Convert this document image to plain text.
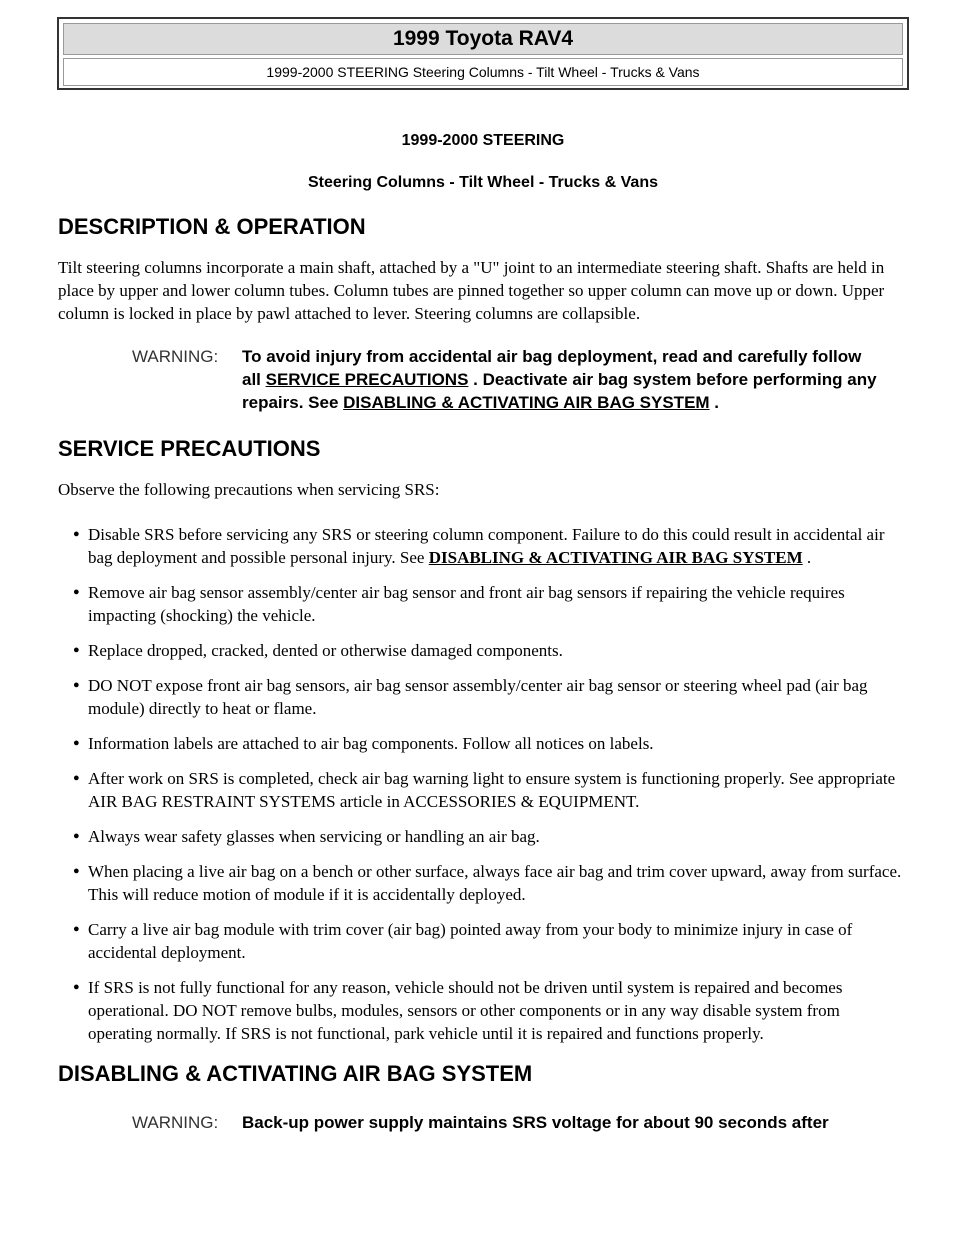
1999 Toyota RAV4
1999-2000 STEERING Steering Columns - Tilt Wheel - Trucks & Vans

1999-2000 STEERING

Steering Columns - Tilt Wheel - Trucks & Vans

DESCRIPTION & OPERATION

Tilt steering columns incorporate a main shaft, attached by a "U" joint to an intermediate steering shaft. Shafts are held in place by upper and lower column tubes. Column tubes are pinned together so upper column can move up or down. Upper column is locked in place by pawl attached to lever. Steering columns are collapsible.

WARNING:	To avoid injury from accidental air bag deployment, read and carefully follow all SERVICE PRECAUTIONS . Deactivate air bag system before performing any repairs. See DISABLING & ACTIVATING AIR BAG SYSTEM .
SERVICE PRECAUTIONS

Observe the following precautions when servicing SRS:

● Disable SRS before servicing any SRS or steering column component. Failure to do this could result in accidental air bag deployment and possible personal injury. See DISABLING & ACTIVATING AIR BAG SYSTEM .
● Remove air bag sensor assembly/center air bag sensor and front air bag sensors if repairing the vehicle requires impacting (shocking) the vehicle.
● Replace dropped, cracked, dented or otherwise damaged components.
● DO NOT expose front air bag sensors, air bag sensor assembly/center air bag sensor or steering wheel pad (air bag module) directly to heat or flame.
● Information labels are attached to air bag components. Follow all notices on labels.
● After work on SRS is completed, check air bag warning light to ensure system is functioning properly. See appropriate AIR BAG RESTRAINT SYSTEMS article in ACCESSORIES & EQUIPMENT.
● Always wear safety glasses when servicing or handling an air bag.
● When placing a live air bag on a bench or other surface, always face air bag and trim cover upward, away from surface. This will reduce motion of module if it is accidentally deployed.
● Carry a live air bag module with trim cover (air bag) pointed away from your body to minimize injury in case of accidental deployment.
● If SRS is not fully functional for any reason, vehicle should not be driven until system is repaired and becomes operational. DO NOT remove bulbs, modules, sensors or other components or in any way disable system from operating normally. If SRS is not functional, park vehicle until it is repaired and functions properly.
DISABLING & ACTIVATING AIR BAG SYSTEM
WARNING:	Back-up power supply maintains SRS voltage for about 90 seconds after
